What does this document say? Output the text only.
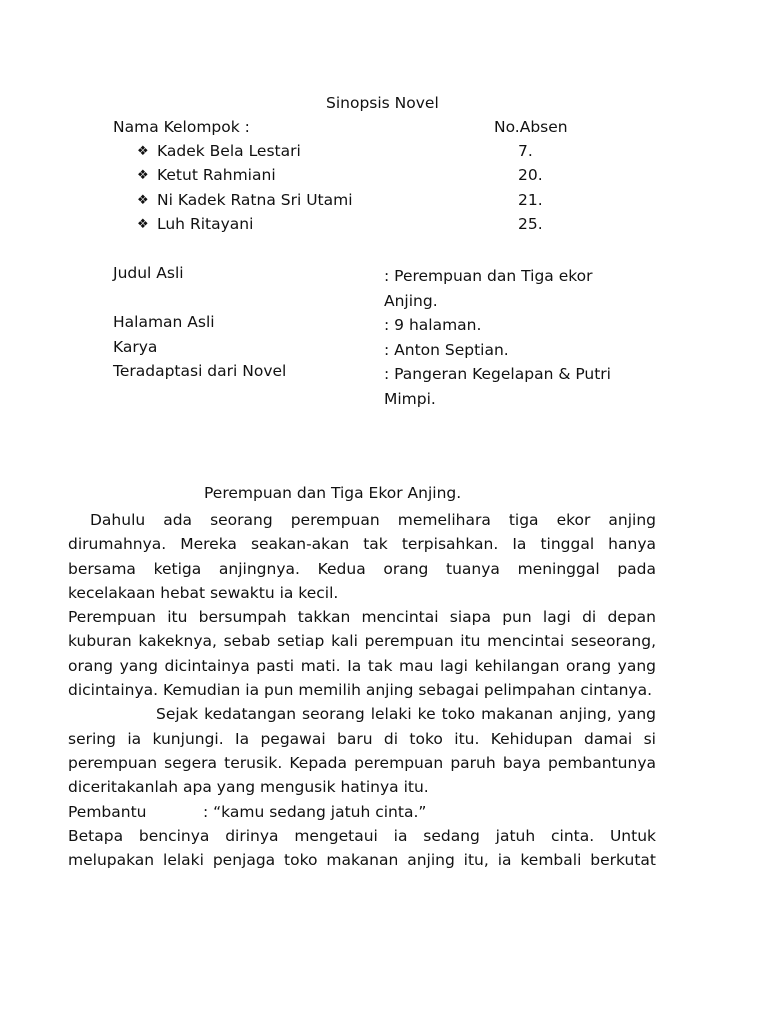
Sinopsis Novel
Nama Kelompok :	No.Absen
❖ Kadek Bela Lestari	7.
❖ Ketut Rahmiani	20.
❖ Ni Kadek Ratna Sri Utami	21.
❖ Luh Ritayani	25.
Judul Asli	: Perempuan dan Tiga ekor Anjing.
Halaman Asli	: 9 halaman.
Karya	: Anton Septian.
Teradaptasi dari Novel	: Pangeran Kegelapan & Putri Mimpi.
Perempuan dan Tiga Ekor Anjing.

Dahulu ada seorang perempuan memelihara tiga ekor anjing dirumahnya. Mereka seakan-akan tak terpisahkan. Ia tinggal hanya bersama ketiga anjingnya. Kedua orang tuanya meninggal pada kecelakaan hebat sewaktu ia kecil.

Perempuan itu bersumpah takkan mencintai siapa pun lagi di depan kuburan kakeknya, sebab setiap kali perempuan itu mencintai seseorang, orang yang dicintainya pasti mati. Ia tak mau lagi kehilangan orang yang dicintainya. Kemudian ia pun memilih anjing sebagai pelimpahan cintanya.

Sejak kedatangan seorang lelaki ke toko makanan anjing, yang sering ia kunjungi. Ia pegawai baru di toko itu. Kehidupan damai si perempuan segera terusik. Kepada perempuan paruh baya pembantunya diceritakanlah apa yang mengusik hatinya itu.

Pembantu	: “kamu sedang jatuh cinta.”

Betapa bencinya dirinya mengetaui ia sedang jatuh cinta. Untuk melupakan lelaki penjaga toko makanan anjing itu, ia kembali berkutat
